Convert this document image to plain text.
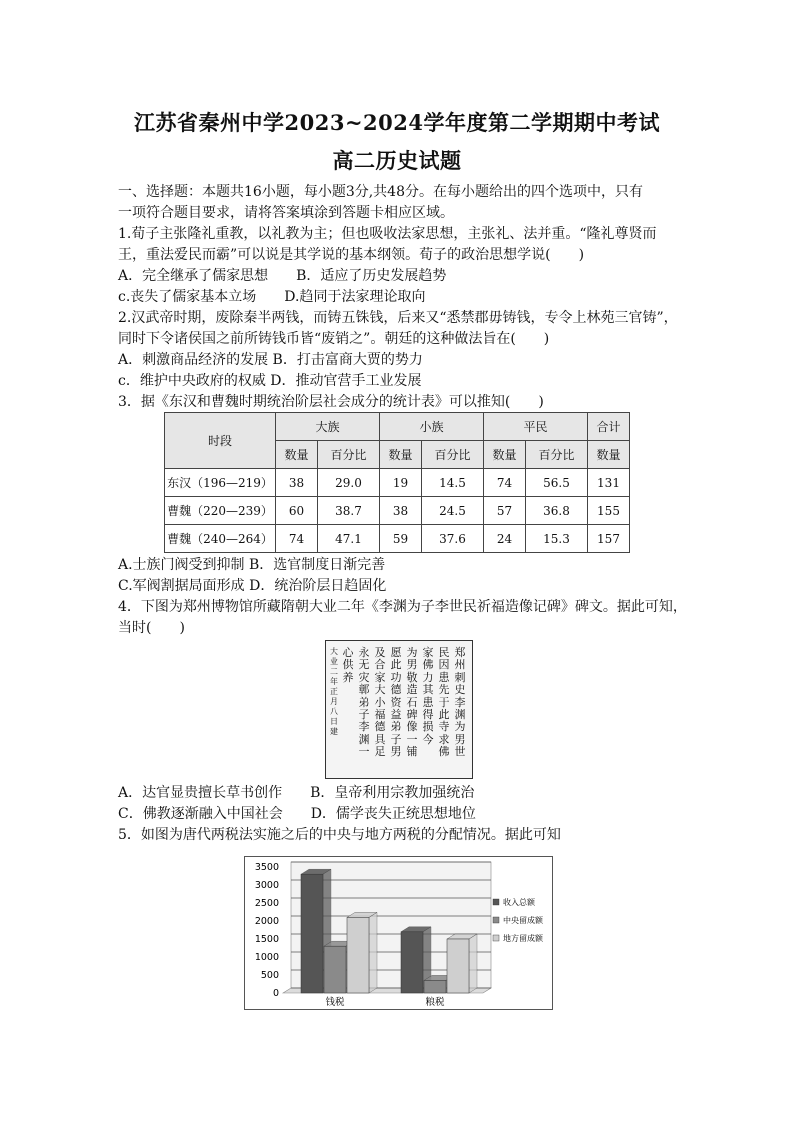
江苏省秦州中学2023~2024学年度第二学期期中考试
高二历史试题
一、选择题：本题共16小题，每小题3分,共48分。在每小题给出的四个选项中，只有
一项符合题目要求，请将答案填涂到答题卡相应区域。
1.荀子主张隆礼重教，以礼教为主；但也吸收法家思想，主张礼、法并重。“隆礼尊贤而
王，重法爱民而霸”可以说是其学说的基本纲领。荀子的政治思想学说(　　)
A．完全继承了儒家思想　　B．适应了历史发展趋势
c.丧失了儒家基本立场　　D.趋同于法家理论取向
2.汉武帝时期，废除秦半两钱，而铸五铢钱，后来又“悉禁郡毋铸钱，专令上林苑三官铸”，
同时下令诸侯国之前所铸钱币皆“废销之”。朝廷的这种做法旨在(　　)
A．刺激商品经济的发展 B．打击富商大贾的势力
c．维护中央政府的权威 D．推动官营手工业发展
3．据《东汉和曹魏时期统治阶层社会成分的统计表》可以推知(　　)
时段	大族		小族		平民		合计
	数量	百分比	数量	百分比	数量	百分比	数量
东汉（196—219）	38	29.0	19	14.5	74	56.5	131
曹魏（220—239）	60	38.7	38	24.5	57	36.8	155
曹魏（240—264）	74	47.1	59	37.6	24	15.3	157
A.士族门阀受到抑制 B．选官制度日渐完善
C.军阀割据局面形成 D．统治阶层日趋固化
4．下图为郑州博物馆所藏隋朝大业二年《李渊为子李世民祈福造像记碑》碑文。据此可知，
当时(　　)
郑州刺史李渊为男世
民因患先于此寺求佛
家佛力其患得损今
为男敬造石碑像一铺
愿此功德资益弟子男
及合家大小福德具足
永无灾鄣弟子李渊一
心供养
大业二年正月八日建
A．达官显贵擅长草书创作　　B．皇帝利用宗教加强统治
C．佛教逐渐融入中国社会　　D．儒学丧失正统思想地位
5．如图为唐代两税法实施之后的中央与地方两税的分配情况。据此可知
3500
3000
2500
2000
1500
1000
500
0
钱税	粮税
收入总额
中央留成额
地方留成额
